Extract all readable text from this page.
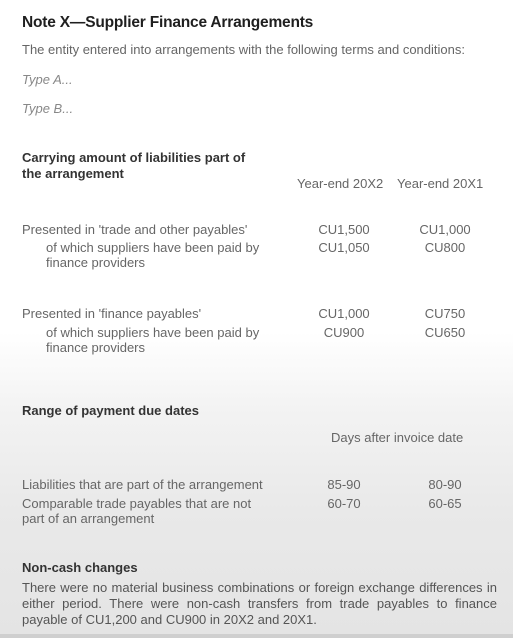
Note X—Supplier Finance Arrangements
The entity entered into arrangements with the following terms and conditions:
Type A...
Type B...
Carrying amount of liabilities part of
the arrangement
Year-end 20X2 Year-end 20X1
Presented in 'trade and other payables'	CU1,500	CU1,000
of which suppliers have been paid by
finance providers
CU1,050	CU800
Presented in 'finance payables'	CU1,000	CU750
of which suppliers have been paid by
finance providers
CU900	CU650
Range of payment due dates
Days after invoice date
Liabilities that are part of the arrangement	85-90	80-90
Comparable trade payables that are not
part of an arrangement
60-70	60-65
Non-cash changes
There were no material business combinations or foreign exchange differences in either period. There were non-cash transfers from trade payables to finance payable of CU1,200 and CU900 in 20X2 and 20X1.
